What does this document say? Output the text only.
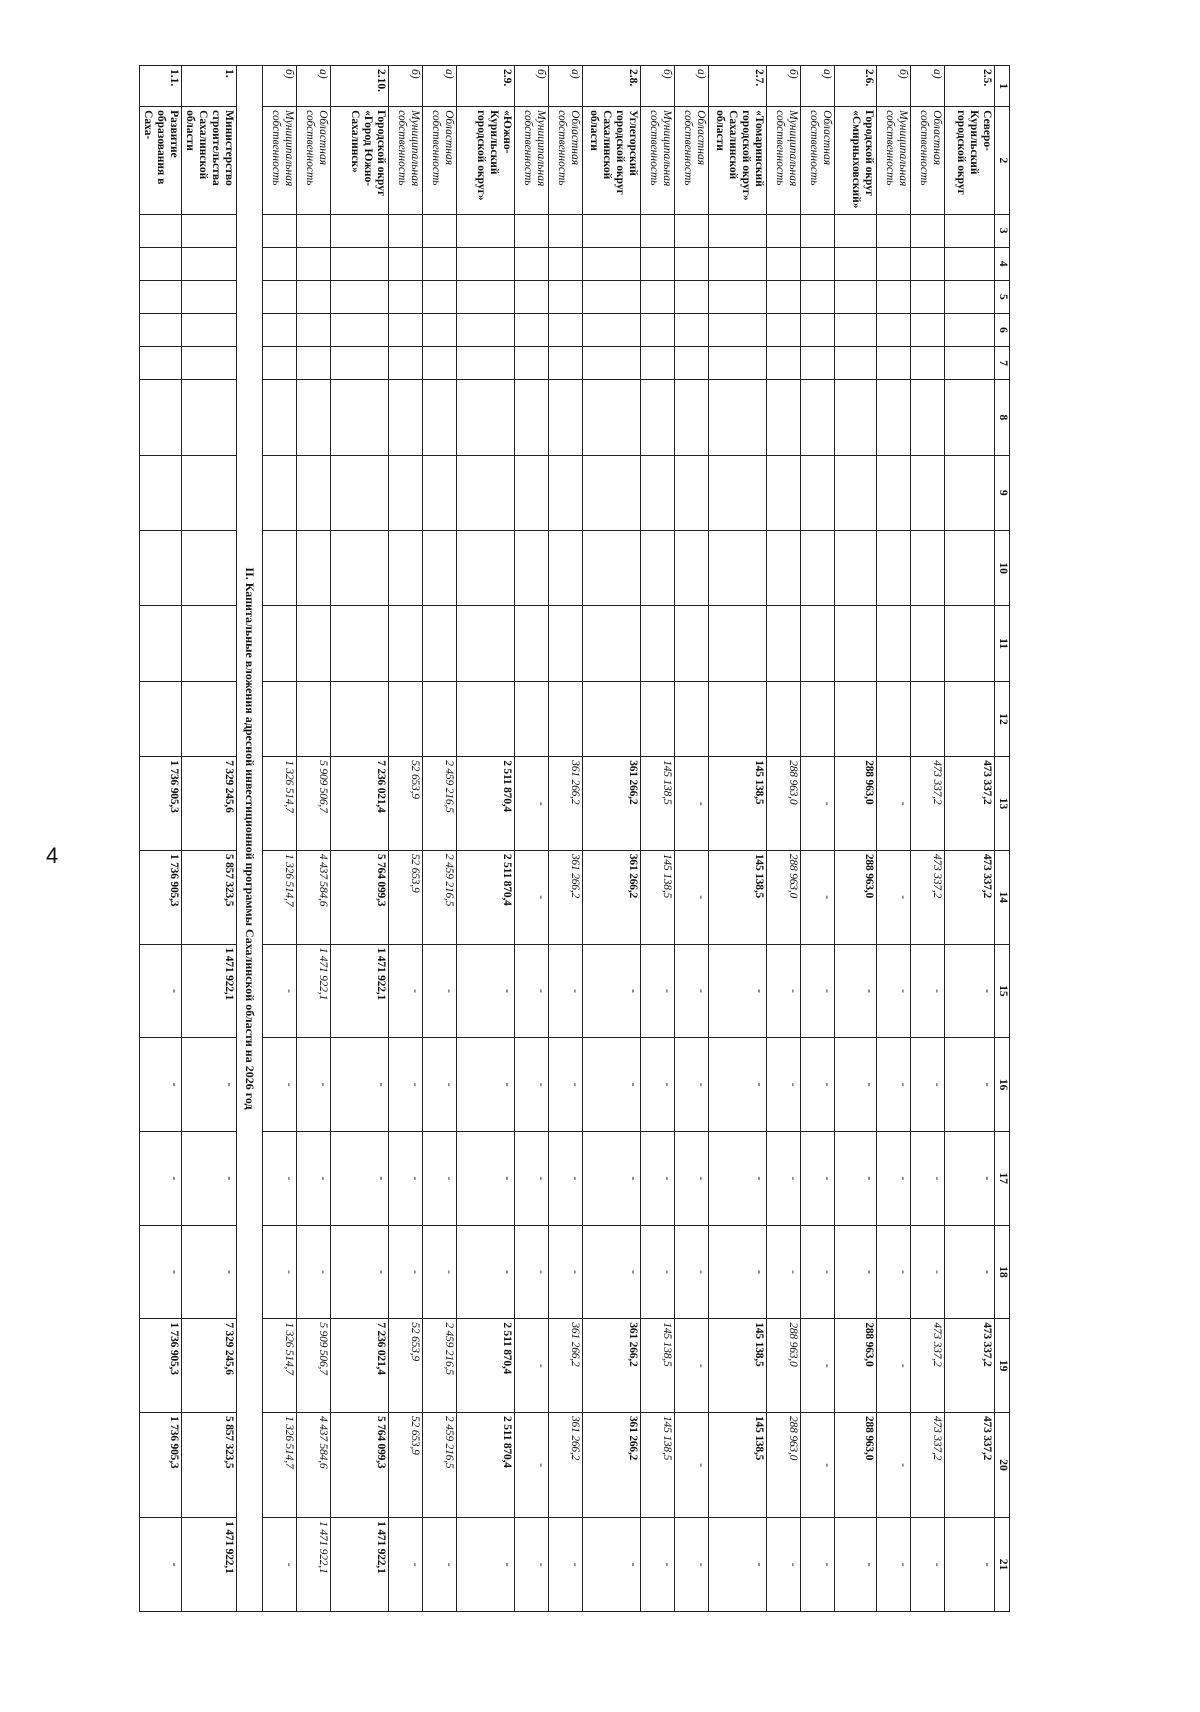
4
1	2	3	4	5	6	7	8	9	10	11	12	13	14	15	16	17	18	19	20	21
2.5.	Северо-Курильский городской округ											473 337,2	473 337,2	-	-	-	-	473 337,2	473 337,2	-
а)	Областная собственность											473 337,2	473 337,2	-	-	-	-	473 337,2	473 337,2	-
б)	Муниципальная собственность											-	-	-	-	-	-	-	-	-
2.6.	Городской округ «Смирныховский»											288 963,0	288 963,0	-	-	-	-	288 963,0	288 963,0	-
а)	Областная собственность											-	-	-	-	-	-	-	-	-
б)	Муниципальная собственность											288 963,0	288 963,0	-	-	-	-	288 963,0	288 963,0	-
2.7.	«Томаринский городской округ» Сахалинской области											145 138,5	145 138,5	-	-	-	-	145 138,5	145 138,5	-
а)	Областная собственность											-	-	-	-	-	-	-	-	-
б)	Муниципальная собственность											145 138,5	145 138,5	-	-	-	-	145 138,5	145 138,5	-
2.8.	Углегорский городской округ Сахалинской области											361 266,2	361 266,2	-	-	-	-	361 266,2	361 266,2	-
а)	Областная собственность											361 266,2	361 266,2	-	-	-	-	361 266,2	361 266,2	-
б)	Муниципальная собственность											-	-	-	-	-	-	-	-	-
2.9.	«Южно-Курильский городской округ»											2 511 870,4	2 511 870,4	-	-	-	-	2 511 870,4	2 511 870,4	-
а)	Областная собственность											2 459 216,5	2 459 216,5	-	-	-	-	2 459 216,5	2 459 216,5	-
б)	Муниципальная собственность											52 653,9	52 653,9	-	-	-	-	52 653,9	52 653,9	-
2.10.	Городской округ «Город Южно-Сахалинск»											7 236 021,4	5 764 099,3	1 471 922,1	-	-	-	7 236 021,4	5 764 099,3	1 471 922,1
а)	Областная собственность											5 909 506,7	4 437 584,6	1 471 922,1	-	-	-	5 909 506,7	4 437 584,6	1 471 922,1
б)	Муниципальная собственность											1 326 514,7	1 326 514,7	-	-	-	-	1 326 514,7	1 326 514,7	-
II. Капитальные вложения адресной инвестиционной программы Сахалинской области на 2026 год																				
1.	Министерство строительства Сахалинской области											7 329 245,6	5 857 323,5	1 471 922,1	-	-	-	7 329 245,6	5 857 323,5	1 471 922,1
1.1.	Развитие образования в Саха-											1 736 905,3	1 736 905,3	-	-	-	-	1 736 905,3	1 736 905,3	-
